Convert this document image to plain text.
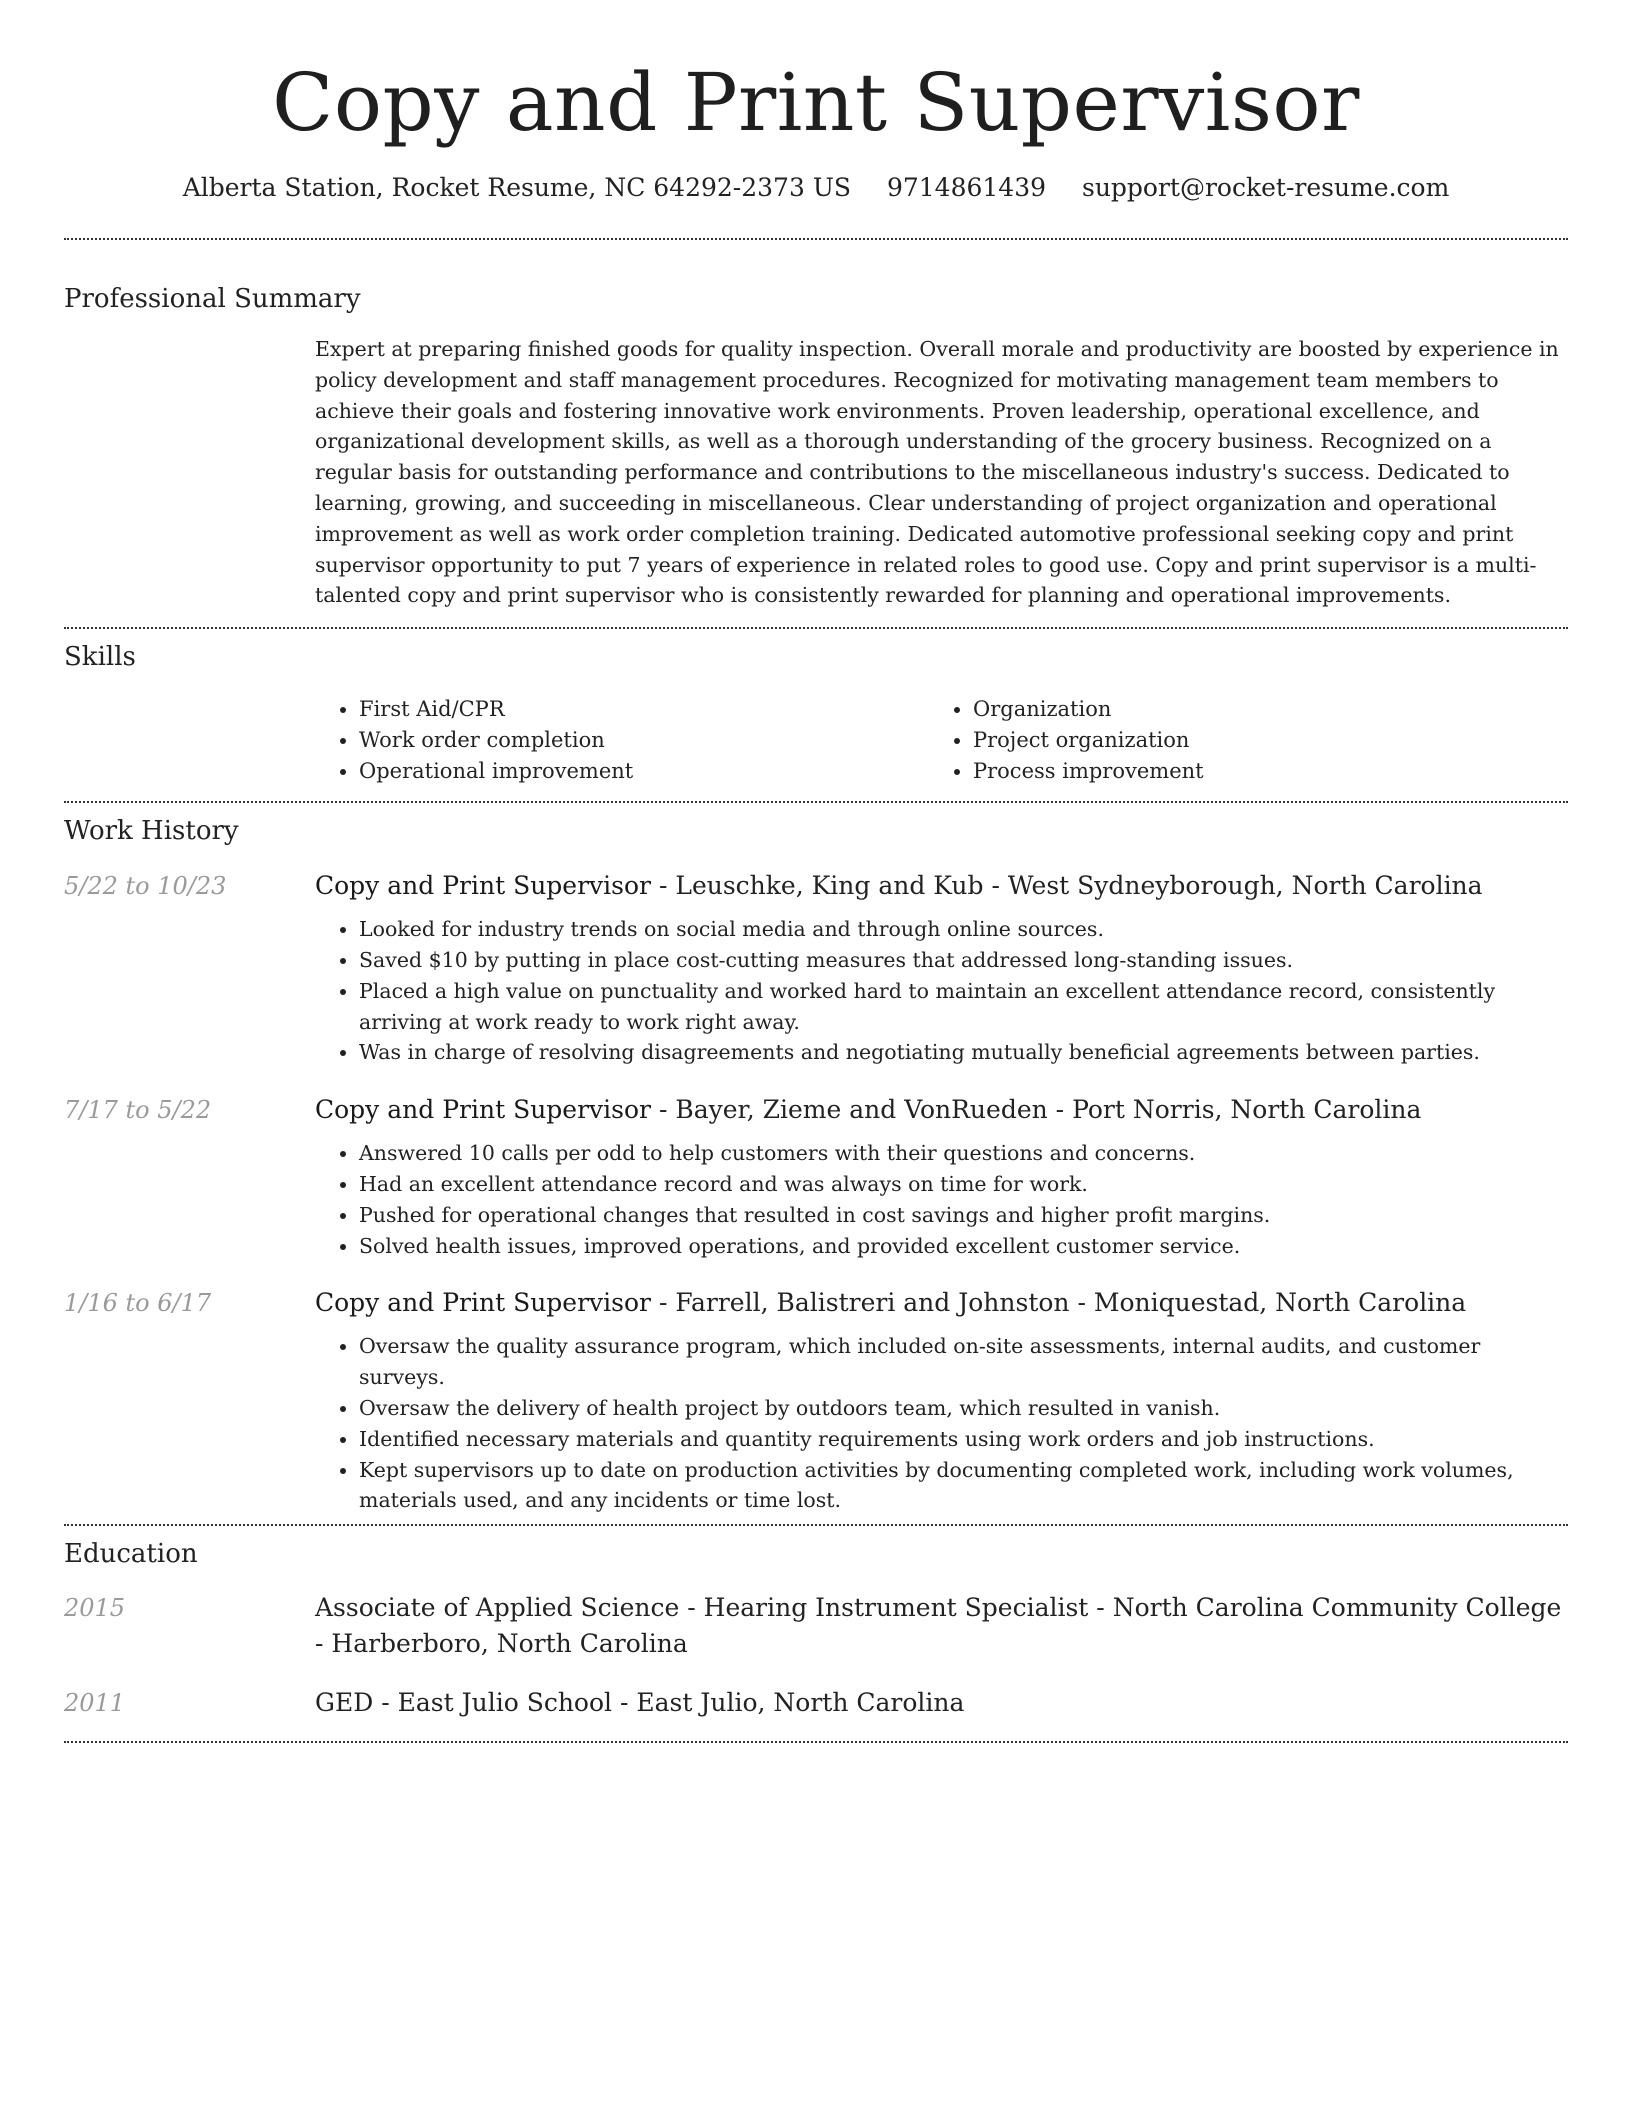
Copy and Print Supervisor
Alberta Station, Rocket Resume, NC 64292-2373 US 9714861439 support@rocket-resume.com
Professional Summary

Expert at preparing finished goods for quality inspection. Overall morale and productivity are boosted by experience in policy development and staff management procedures. Recognized for motivating management team members to achieve their goals and fostering innovative work environments. Proven leadership, operational excellence, and organizational development skills, as well as a thorough understanding of the grocery business. Recognized on a regular basis for outstanding performance and contributions to the miscellaneous industry's success. Dedicated to learning, growing, and succeeding in miscellaneous. Clear understanding of project organization and operational improvement as well as work order completion training. Dedicated automotive professional seeking copy and print supervisor opportunity to put 7 years of experience in related roles to good use. Copy and print supervisor is a multi-talented copy and print supervisor who is consistently rewarded for planning and operational improvements.

Skills
• First Aid/CPR
• Work order completion
• Operational improvement
• Organization
• Project organization
• Process improvement
Work History
5/22 to 10/23	Copy and Print Supervisor - Leuschke, King and Kub - West Sydneyborough, North Carolina

• Looked for industry trends on social media and through online sources.
• Saved $10 by putting in place cost-cutting measures that addressed long-standing issues.
• Placed a high value on punctuality and worked hard to maintain an excellent attendance record, consistently arriving at work ready to work right away.
• Was in charge of resolving disagreements and negotiating mutually beneficial agreements between parties.
7/17 to 5/22	Copy and Print Supervisor - Bayer, Zieme and VonRueden - Port Norris, North Carolina

• Answered 10 calls per odd to help customers with their questions and concerns.
• Had an excellent attendance record and was always on time for work.
• Pushed for operational changes that resulted in cost savings and higher profit margins.
• Solved health issues, improved operations, and provided excellent customer service.
1/16 to 6/17	Copy and Print Supervisor - Farrell, Balistreri and Johnston - Moniquestad, North Carolina

• Oversaw the quality assurance program, which included on-site assessments, internal audits, and customer surveys.
• Oversaw the delivery of health project by outdoors team, which resulted in vanish.
• Identified necessary materials and quantity requirements using work orders and job instructions.
• Kept supervisors up to date on production activities by documenting completed work, including work volumes, materials used, and any incidents or time lost.
Education
2015	Associate of Applied Science - Hearing Instrument Specialist - North Carolina Community College - Harberboro, North Carolina

2011	GED - East Julio School - East Julio, North Carolina
